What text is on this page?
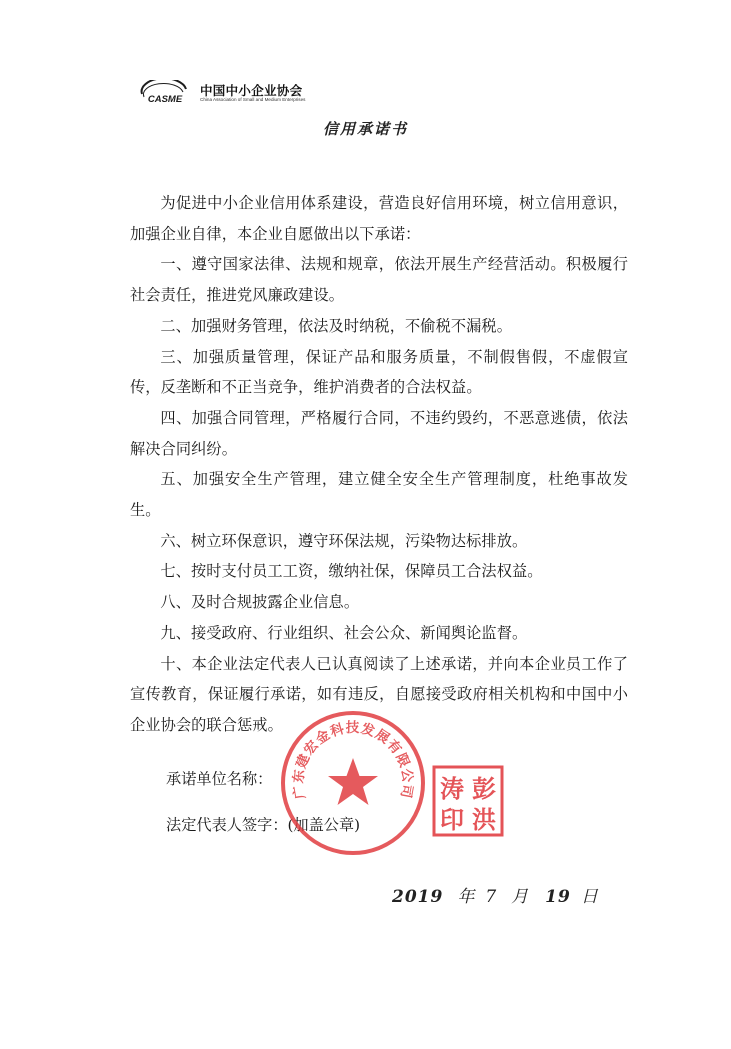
CASME
中国中小企业协会
China Association of Small and Medium Enterprises
信用承诺书

为促进中小企业信用体系建设，营造良好信用环境，树立信用意识，加强企业自律，本企业自愿做出以下承诺：

一、遵守国家法律、法规和规章，依法开展生产经营活动。积极履行社会责任，推进党风廉政建设。

二、加强财务管理，依法及时纳税，不偷税不漏税。

三、加强质量管理，保证产品和服务质量，不制假售假，不虚假宣传，反垄断和不正当竞争，维护消费者的合法权益。

四、加强合同管理，严格履行合同，不违约毁约，不恶意逃债，依法解决合同纠纷。

五、加强安全生产管理，建立健全安全生产管理制度，杜绝事故发生。

六、树立环保意识，遵守环保法规，污染物达标排放。

七、按时支付员工工资，缴纳社保，保障员工合法权益。

八、及时合规披露企业信息。

九、接受政府、行业组织、社会公众、新闻舆论监督。

十、本企业法定代表人已认真阅读了上述承诺，并向本企业员工作了宣传教育，保证履行承诺，如有违反，自愿接受政府相关机构和中国中小企业协会的联合惩戒。

承诺单位名称：
法定代表人签字：(加盖公章)
广东建宏金科技发展有限公司 彭
涛
洪
印
2019 年 7 月 19 日
